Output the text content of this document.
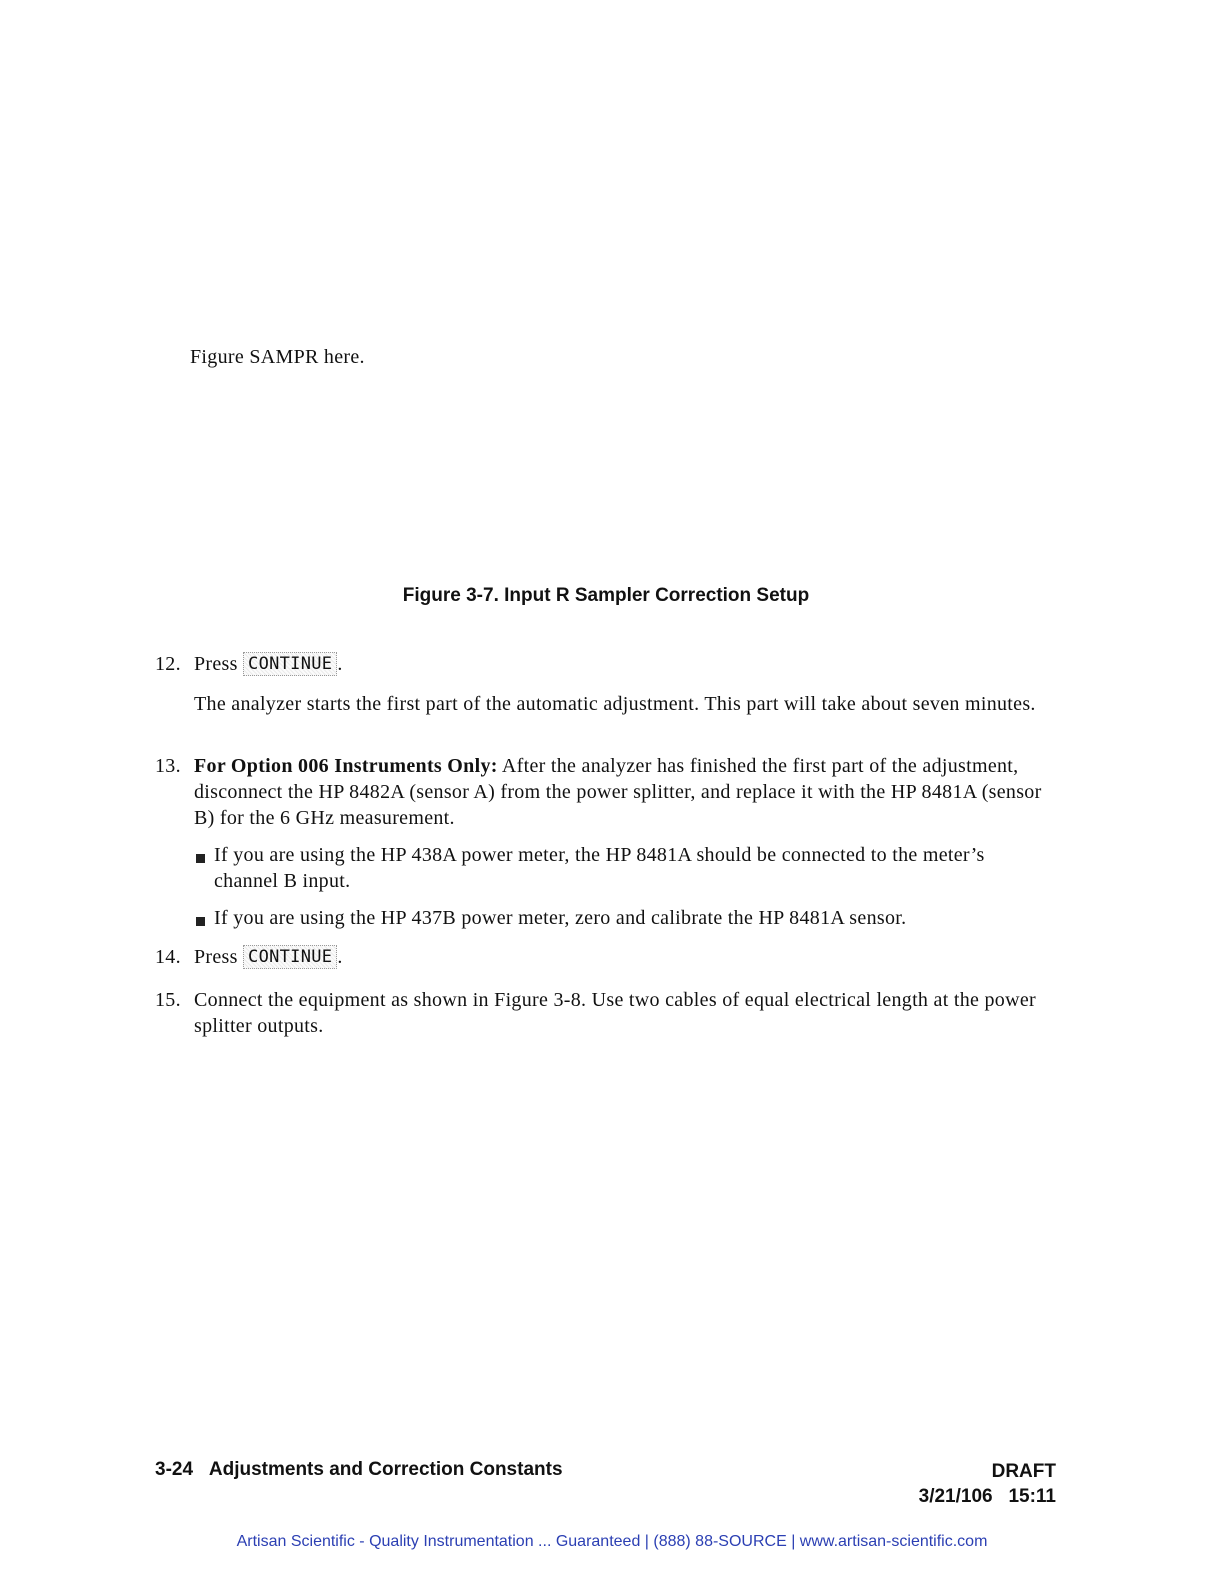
Figure SAMPR here.
Figure 3-7. Input R Sampler Correction Setup
12. Press CONTINUE .
The analyzer starts the first part of the automatic adjustment. This part will take about seven minutes.
13. For Option 006 Instruments Only: After the analyzer has finished the first part of the adjustment, disconnect the HP 8482A (sensor A) from the power splitter, and replace it with the HP 8481A (sensor B) for the 6 GHz measurement.
If you are using the HP 438A power meter, the HP 8481A should be connected to the meter’s channel B input.
If you are using the HP 437B power meter, zero and calibrate the HP 8481A sensor.
14. Press CONTINUE .
15. Connect the equipment as shown in Figure 3-8. Use two cables of equal electrical length at the power splitter outputs.
3-24 Adjustments and Correction Constants	DRAFT
3/21/106 15:11
Artisan Scientific - Quality Instrumentation ... Guaranteed | (888) 88-SOURCE | www.artisan-scientific.com
